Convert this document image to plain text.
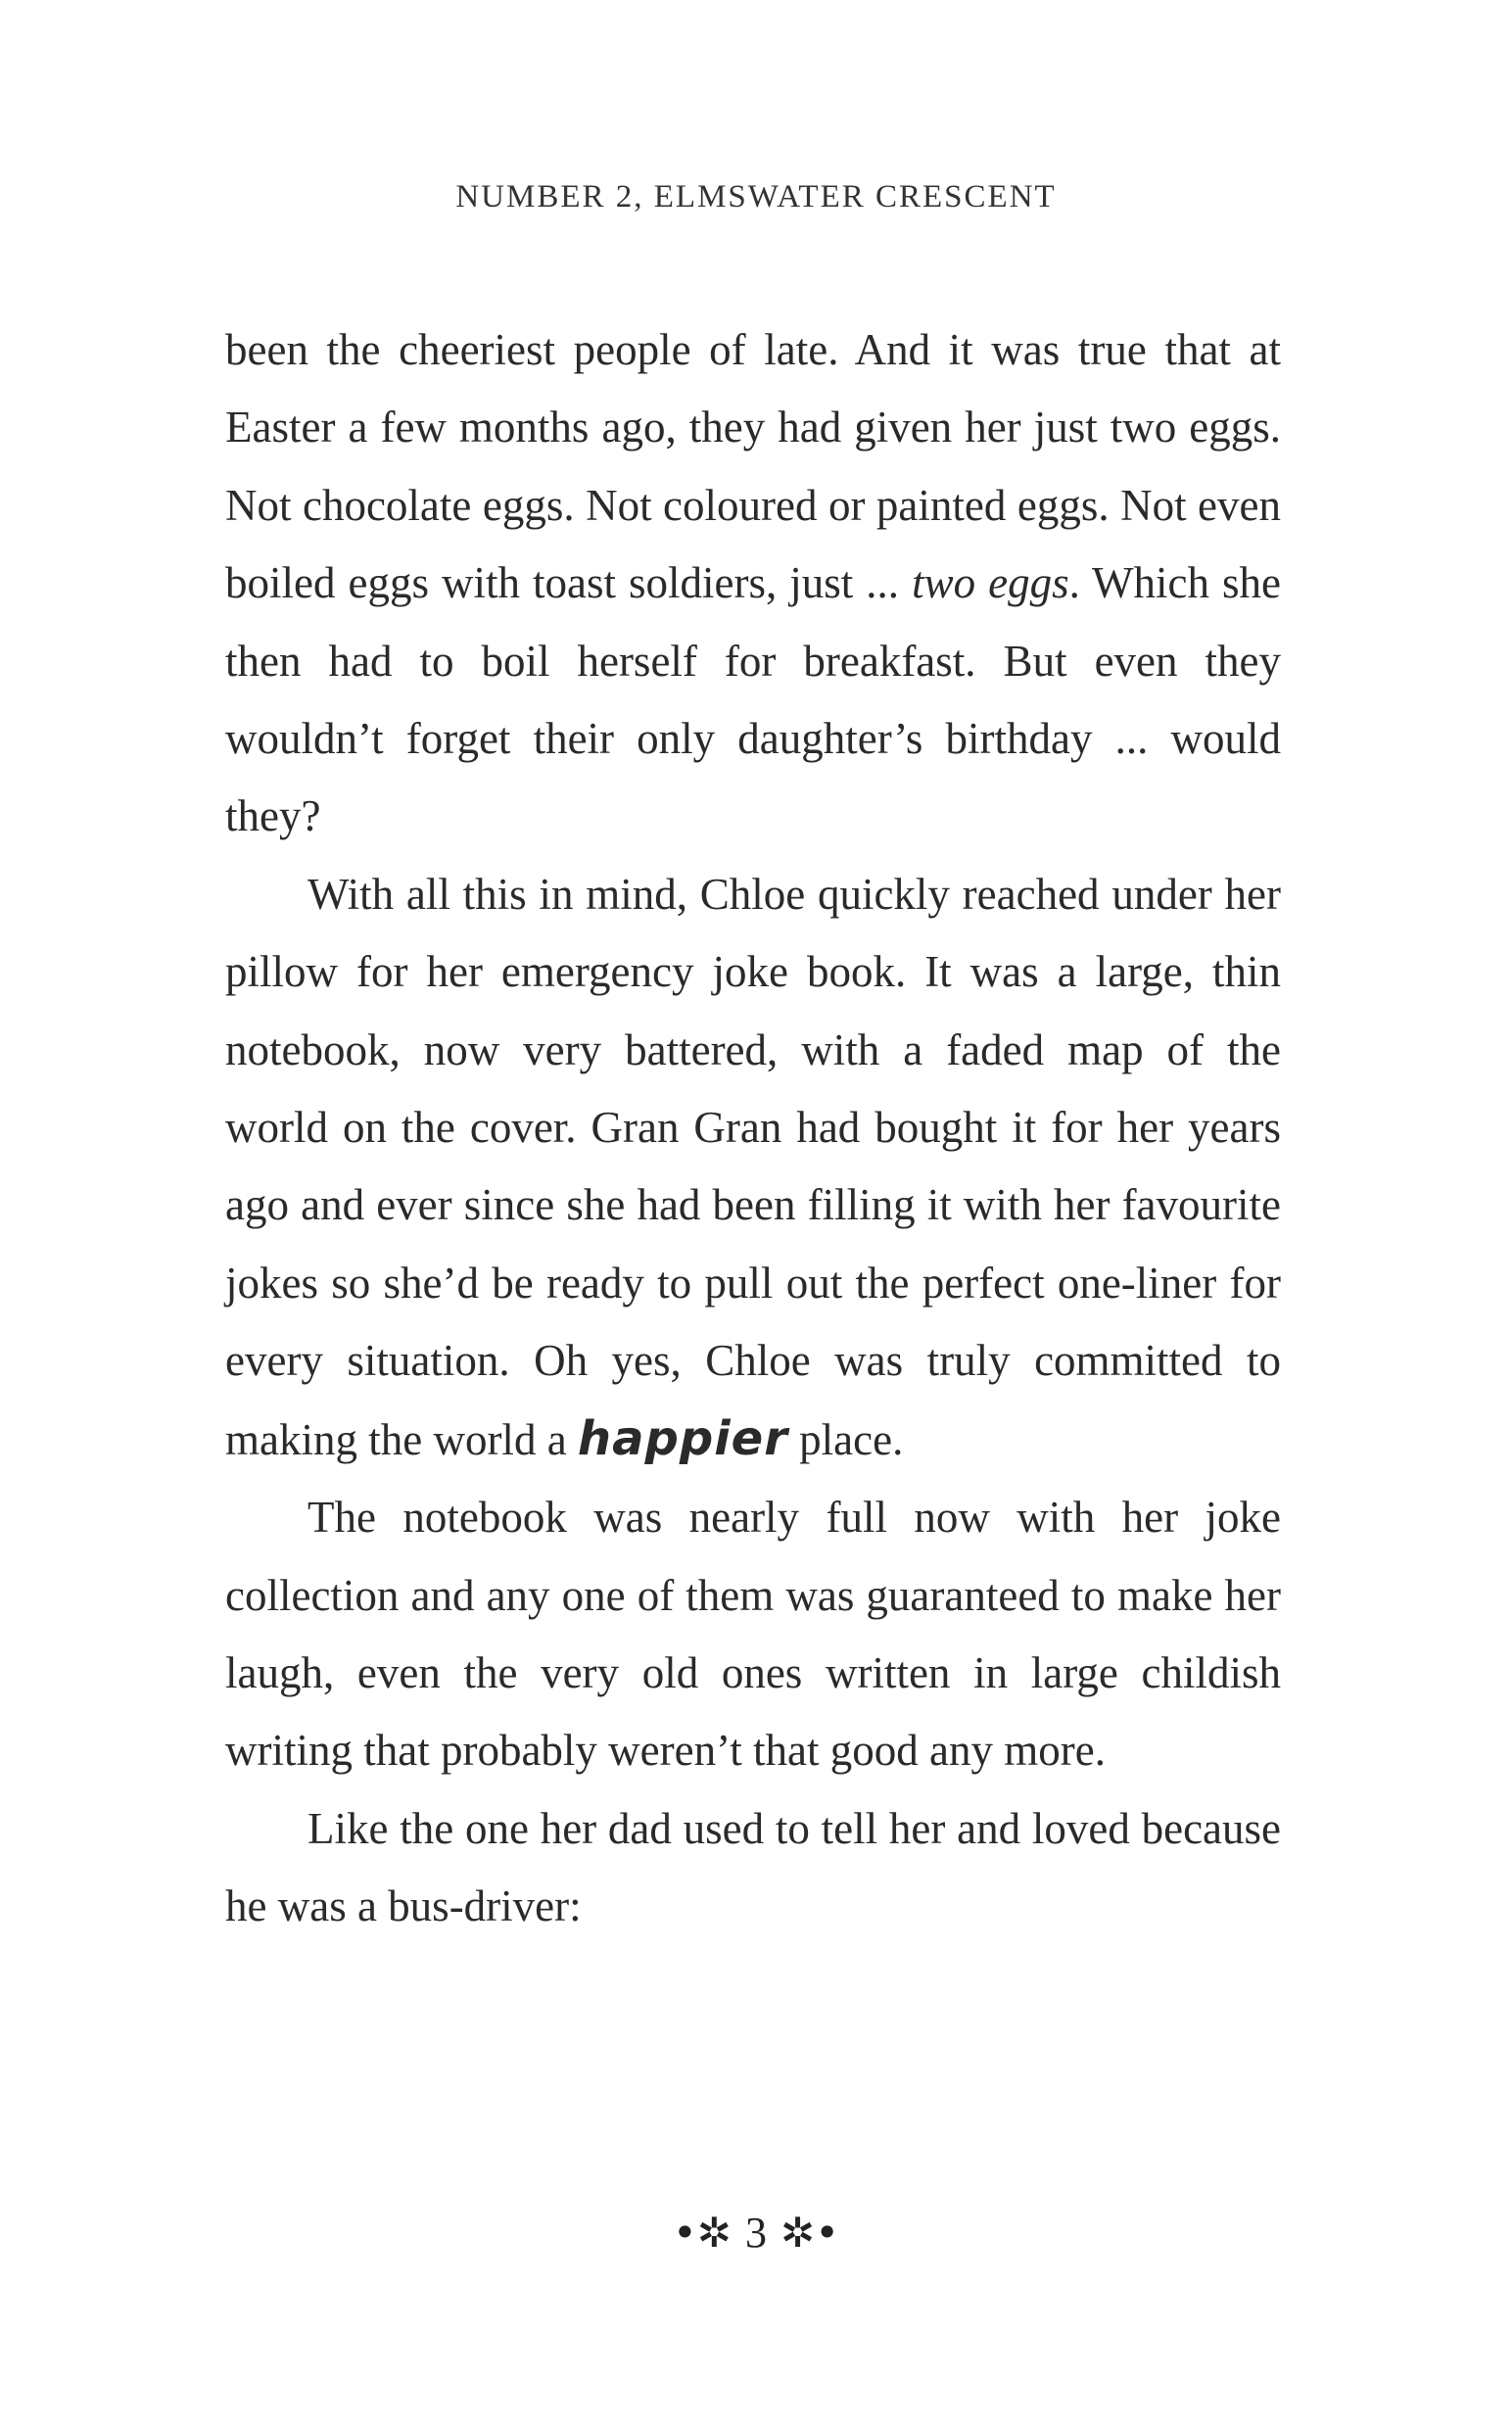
NUMBER 2, ELMSWATER CRESCENT

been the cheeriest people of late. And it was true that at Easter a few months ago, they had given her just two eggs. Not chocolate eggs. Not coloured or painted eggs. Not even boiled eggs with toast soldiers, just ... two eggs. Which she then had to boil herself for breakfast. But even they wouldn’t forget their only daughter’s birthday ... would they?

With all this in mind, Chloe quickly reached under her pillow for her emergency joke book. It was a large, thin notebook, now very battered, with a faded map of the world on the cover. Gran Gran had bought it for her years ago and ever since she had been filling it with her favourite jokes so she’d be ready to pull out the perfect one-liner for every situation. Oh yes, Chloe was truly committed to making the world a happier place.

The notebook was nearly full now with her joke collection and any one of them was guaranteed to make her laugh, even the very old ones written in large childish writing that probably weren’t that good any more.

Like the one her dad used to tell her and loved because he was a bus-driver:

•✲ 3 ✲•
